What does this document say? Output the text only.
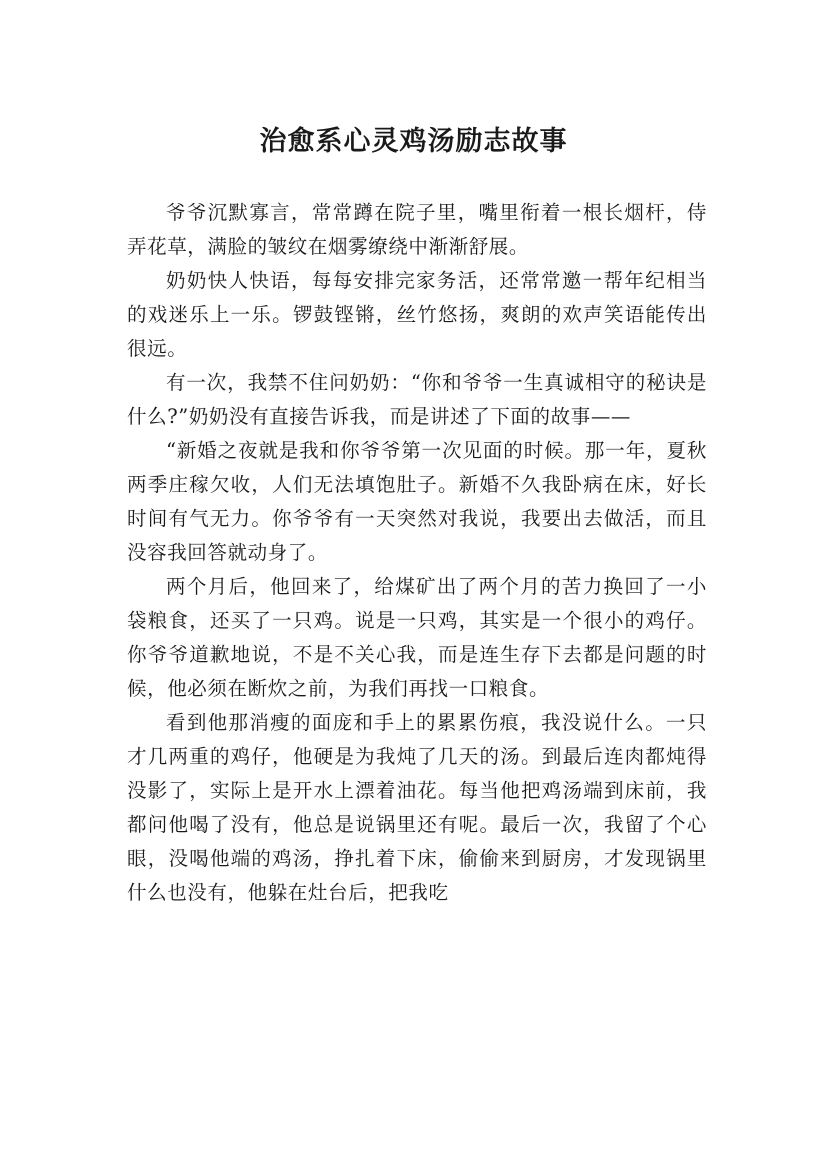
治愈系心灵鸡汤励志故事

爷爷沉默寡言，常常蹲在院子里，嘴里衔着一根长烟杆，侍弄花草，满脸的皱纹在烟雾缭绕中渐渐舒展。

奶奶快人快语，每每安排完家务活，还常常邀一帮年纪相当的戏迷乐上一乐。锣鼓铿锵，丝竹悠扬，爽朗的欢声笑语能传出很远。

有一次，我禁不住问奶奶：“你和爷爷一生真诚相守的秘诀是什么?”奶奶没有直接告诉我，而是讲述了下面的故事——

“新婚之夜就是我和你爷爷第一次见面的时候。那一年，夏秋两季庄稼欠收，人们无法填饱肚子。新婚不久我卧病在床，好长时间有气无力。你爷爷有一天突然对我说，我要出去做活，而且没容我回答就动身了。

两个月后，他回来了，给煤矿出了两个月的苦力换回了一小袋粮食，还买了一只鸡。说是一只鸡，其实是一个很小的鸡仔。你爷爷道歉地说，不是不关心我，而是连生存下去都是问题的时候，他必须在断炊之前，为我们再找一口粮食。

看到他那消瘦的面庞和手上的累累伤痕，我没说什么。一只才几两重的鸡仔，他硬是为我炖了几天的汤。到最后连肉都炖得没影了，实际上是开水上漂着油花。每当他把鸡汤端到床前，我都问他喝了没有，他总是说锅里还有呢。最后一次，我留了个心眼，没喝他端的鸡汤，挣扎着下床，偷偷来到厨房，才发现锅里什么也没有，他躲在灶台后，把我吃
